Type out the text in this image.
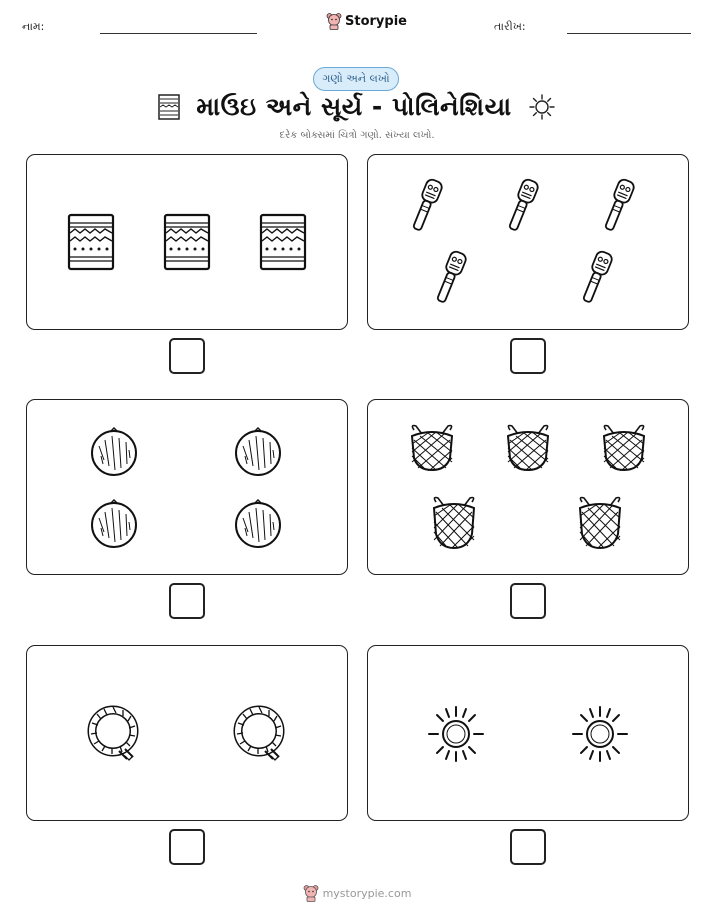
નામ:	Storypie	તારીખ:
ગણો અને લખો
માઉઇ અને સૂર્ય - પોલિનેશિયા
દરેક બોક્સમાં ચિત્રો ગણો. સંખ્યા લખો.
mystorypie.com
